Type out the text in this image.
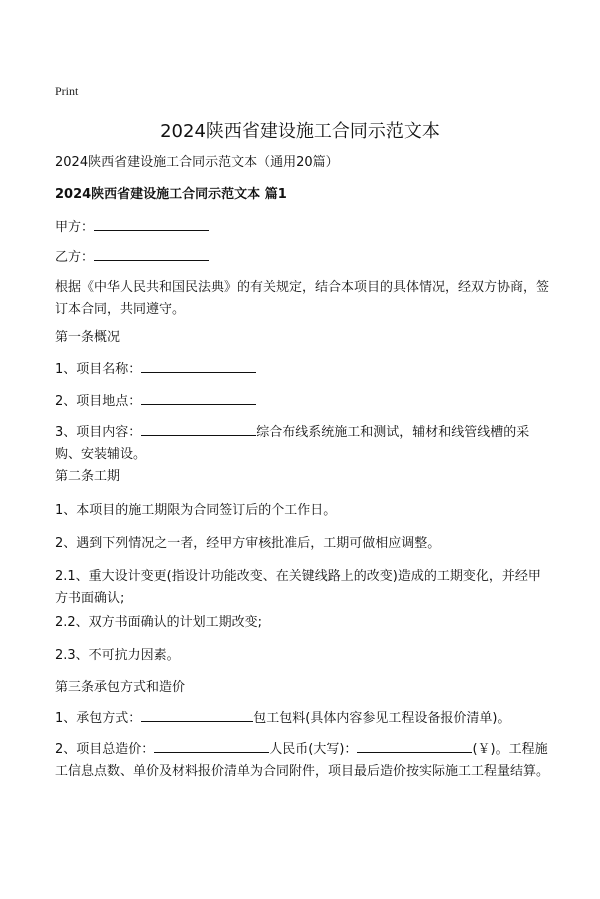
Print
2024陕西省建设施工合同示范文本

2024陕西省建设施工合同示范文本（通用20篇）

2024陕西省建设施工合同示范文本 篇1

甲方：

乙方：

根据《中华人民共和国民法典》的有关规定，结合本项目的具体情况，经双方协商，签订本合同，共同遵守。

第一条概况

1、项目名称：

2、项目地点：

3、项目内容：	综合布线系统施工和测试，辅材和线管线槽的采购、安装辅设。

第二条工期

1、本项目的施工期限为合同签订后的个工作日。

2、遇到下列情况之一者，经甲方审核批准后，工期可做相应调整。

2.1、重大设计变更(指设计功能改变、在关键线路上的改变)造成的工期变化，并经甲方书面确认;

2.2、双方书面确认的计划工期改变;

2.3、不可抗力因素。

第三条承包方式和造价

1、承包方式：	包工包料(具体内容参见工程设备报价清单)。

2、项目总造价：	人民币(大写)：	(￥)。工程施工信息点数、单价及材料报价清单为合同附件，项目最后造价按实际施工工程量结算。
